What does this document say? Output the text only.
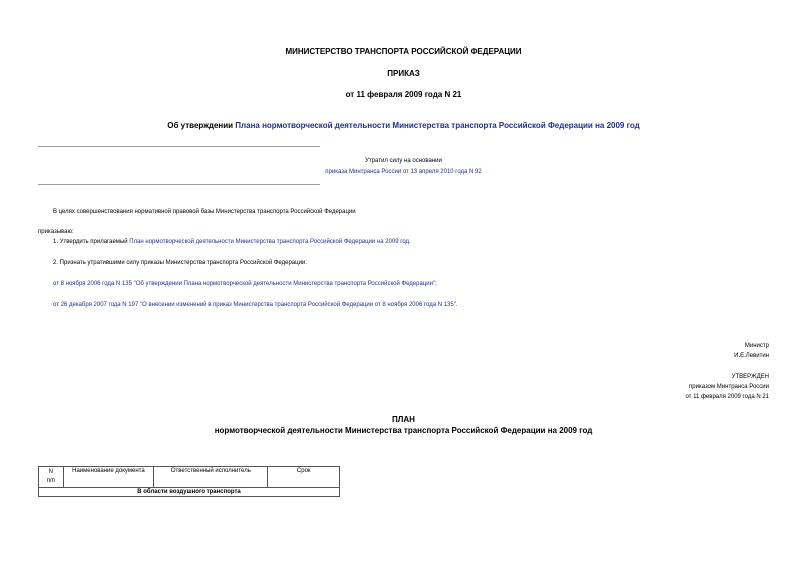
МИНИСТЕРСТВО ТРАНСПОРТА РОССИЙСКОЙ ФЕДЕРАЦИИ
ПРИКАЗ
от 11 февраля 2009 года N 21
Об утверждении Плана нормотворческой деятельности Министерства транспорта Российской Федерации на 2009 год
Утратил силу на основании
приказа Минтранса России от 13 апреля 2010 года N 92
В целях совершенствования нормативной правовой базы Министерства транспорта Российской Федерации
приказываю:
1. Утвердить прилагаемый План нормотворческой деятельности Министерства транспорта Российской Федерации на 2009 год.
2. Признать утратившими силу приказы Министерства транспорта Российской Федерации:
от 8 ноября 2006 года N 135 "Об утверждении Плана нормотворческой деятельности Министерства транспорта Российской Федерации";
от 26 декабря 2007 года N 197 "О внесении изменений в приказ Министерства транспорта Российской Федерации от 8 ноября 2006 года N 135".
Министр
И.Е.Левитин
УТВЕРЖДЕН
приказом Минтранса России
от 11 февраля 2009 года N 21
ПЛАН
нормотворческой деятельности Министерства транспорта Российской Федерации на 2009 год
N
п/п	Наименование документа	Ответственный исполнитель	Срок
В области воздушного транспорта
